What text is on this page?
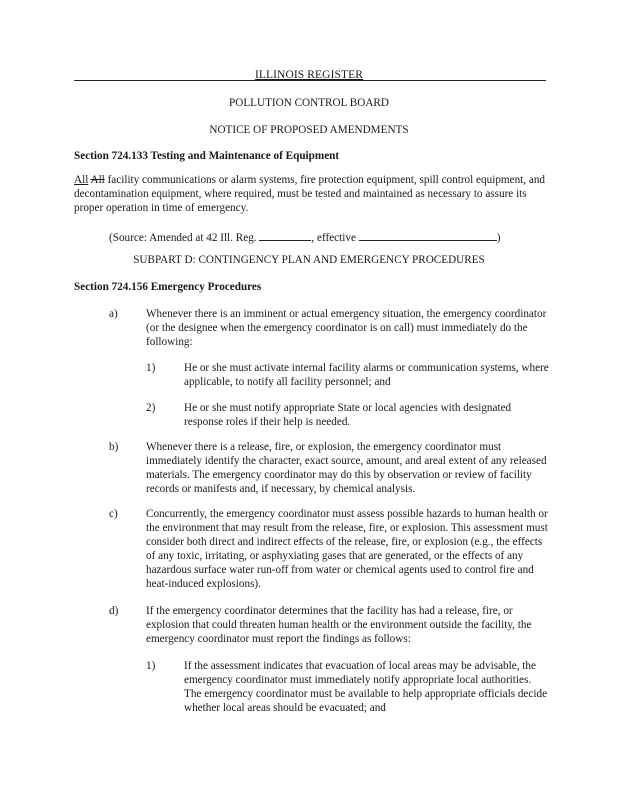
ILLINOIS REGISTER
POLLUTION CONTROL BOARD
NOTICE OF PROPOSED AMENDMENTS
Section 724.133 Testing and Maintenance of Equipment
All All facility communications or alarm systems, fire protection equipment, spill control equipment, and decontamination equipment, where required, must be tested and maintained as necessary to assure its proper operation in time of emergency.
(Source: Amended at 42 Ill. Reg.	, effective	)
SUBPART D: CONTINGENCY PLAN AND EMERGENCY PROCEDURES
Section 724.156 Emergency Procedures
a)	Whenever there is an imminent or actual emergency situation, the emergency coordinator (or the designee when the emergency coordinator is on call) must immediately do the following:
1)	He or she must activate internal facility alarms or communication systems, where applicable, to notify all facility personnel; and
2)	He or she must notify appropriate State or local agencies with designated response roles if their help is needed.
b) Whenever there is a release, fire, or explosion, the emergency coordinator must immediately identify the character, exact source, amount, and areal extent of any released materials. The emergency coordinator may do this by observation or review of facility records or manifests and, if necessary, by chemical analysis.
c)	Concurrently, the emergency coordinator must assess possible hazards to human health or the environment that may result from the release, fire, or explosion. This assessment must consider both direct and indirect effects of the release, fire, or explosion (e.g., the effects of any toxic, irritating, or asphyxiating gases that are generated, or the effects of any hazardous surface water run-off from water or chemical agents used to control fire and heat-induced explosions).
d) If the emergency coordinator determines that the facility has had a release, fire, or explosion that could threaten human health or the environment outside the facility, the emergency coordinator must report the findings as follows:
1)	If the assessment indicates that evacuation of local areas may be advisable, the emergency coordinator must immediately notify appropriate local authorities. The emergency coordinator must be available to help appropriate officials decide whether local areas should be evacuated; and
